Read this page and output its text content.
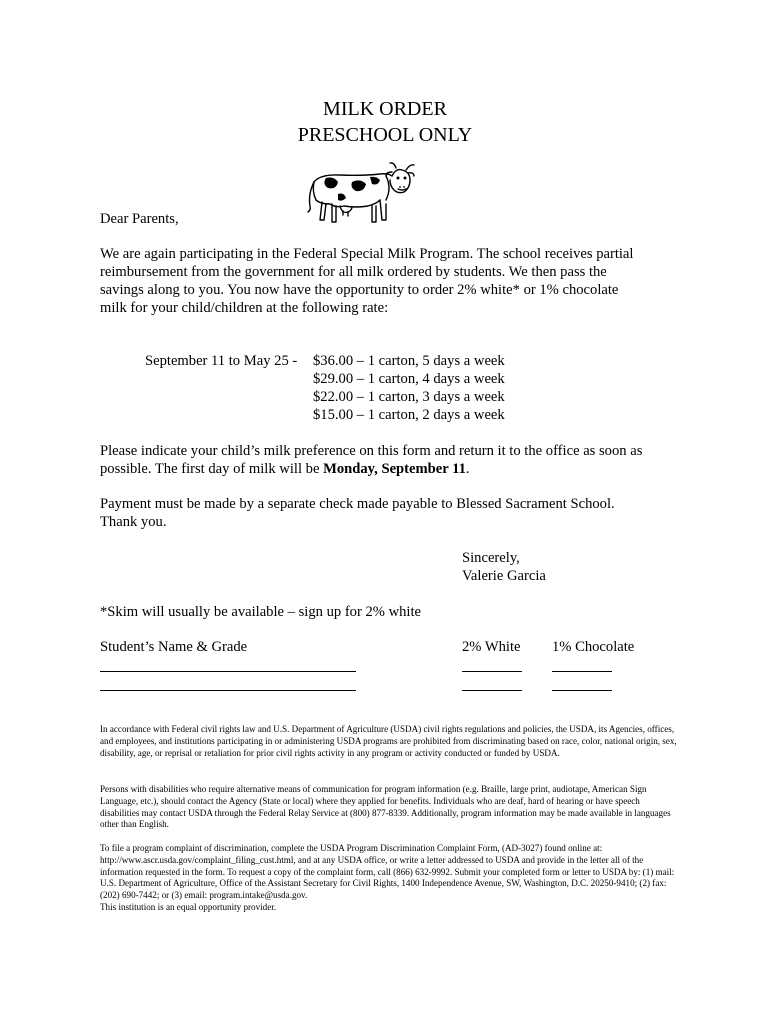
MILK ORDER
PRESCHOOL ONLY
Dear Parents,
We are again participating in the Federal Special Milk Program. The school receives partial
reimbursement from the government for all milk ordered by students. We then pass the
savings along to you. You now have the opportunity to order 2% white* or 1% chocolate
milk for your child/children at the following rate:
September 11 to May 25 - $36.00 – 1 carton, 5 days a week
$29.00 – 1 carton, 4 days a week
$22.00 – 1 carton, 3 days a week
$15.00 – 1 carton, 2 days a week
Please indicate your child’s milk preference on this form and return it to the office as soon as
possible. The first day of milk will be Monday, September 11.
Payment must be made by a separate check made payable to Blessed Sacrament School.
Thank you.
Sincerely,
Valerie Garcia
*Skim will usually be available – sign up for 2% white
Student’s Name & Grade	2% White 1% Chocolate
In accordance with Federal civil rights law and U.S. Department of Agriculture (USDA) civil rights regulations and policies, the USDA, its Agencies, offices, and employees, and institutions participating in or administering USDA programs are prohibited from discriminating based on race, color, national origin, sex, disability, age, or reprisal or retaliation for prior civil rights activity in any program or activity conducted or funded by USDA.
Persons with disabilities who require alternative means of communication for program information (e.g. Braille, large print, audiotape, American Sign Language, etc.), should contact the Agency (State or local) where they applied for benefits. Individuals who are deaf, hard of hearing or have speech disabilities may contact USDA through the Federal Relay Service at (800) 877-8339. Additionally, program information may be made available in languages other than English.
To file a program complaint of discrimination, complete the USDA Program Discrimination Complaint Form, (AD-3027) found online at: http://www.ascr.usda.gov/complaint_filing_cust.html, and at any USDA office, or write a letter addressed to USDA and provide in the letter all of the information requested in the form. To request a copy of the complaint form, call (866) 632-9992. Submit your completed form or letter to USDA by: (1) mail: U.S. Department of Agriculture, Office of the Assistant Secretary for Civil Rights, 1400 Independence Avenue, SW, Washington, D.C. 20250-9410; (2) fax: (202) 690-7442; or (3) email: program.intake@usda.gov.
This institution is an equal opportunity provider.
